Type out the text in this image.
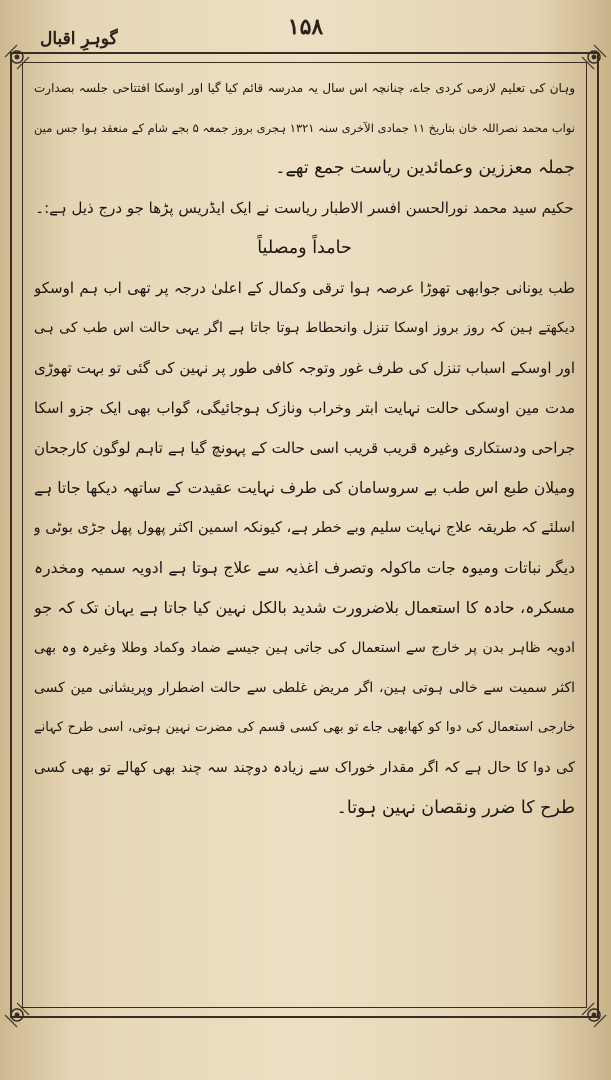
گوہرِ اقبال	۱۵۸
وہان کی تعلیم لازمی کردی جاے، چنانچہ اس سال یہ مدرسہ قائم کیا گیا اور اوسکا افتتاحی جلسہ بصدارت
نواب محمد نصراللہ خان بتاریخ ۱۱ جمادی الآخری سنہ ۱۳۲۱ ہجری بروز جمعہ ۵ بجے شام کے منعقد ہوا جس مین
جملہ معززین وعمائدین ریاست جمع تھے۔
حکیم سید محمد نورالحسن افسر الاطبار ریاست نے ایک ایڈریس پڑھا جو درج ذیل ہے:۔
حامداً ومصلیاً
طب یونانی جوابھی تھوڑا عرصہ ہوا ترقی وکمال کے اعلیٰ درجہ پر تھی اب ہم اوسکو
دیکھتے ہین کہ روز بروز اوسکا تنزل وانحطاط ہوتا جاتا ہے اگر یہی حالت اس طب کی ہی
اور اوسکے اسباب تنزل کی طرف غور وتوجہ کافی طور پر نہین کی گئی تو بہت تھوڑی
مدت مین اوسکی حالت نہایت ابتر وخراب ونازک ہوجائیگی، گواب بھی ایک جزو اسکا
جراحی ودستکاری وغیرہ قریب قریب اسی حالت کے پہونچ گیا ہے تاہم لوگون کارجحان
ومیلان طبع اس طب بے سروسامان کی طرف نہایت عقیدت کے ساتھہ دیکھا جاتا ہے
اسلئے کہ طریقہ علاج نہایت سلیم وبے خطر ہے، کیونکہ اسمین اکثر پھول پھل جڑی بوٹی و
دیگر نباتات ومیوہ جات ماکولہ وتصرف اغذیہ سے علاج ہوتا ہے ادویہ سمیہ ومخدرہ
مسکرہ، حادہ کا استعمال بلاضرورت شدید بالکل نہین کیا جاتا ہے یہان تک کہ جو
ادویہ ظاہر بدن پر خارج سے استعمال کی جاتی ہین جیسے ضماد وکماد وطلا وغیرہ وہ بھی
اکثر سمیت سے خالی ہوتی ہین، اگر مریض غلطی سے حالت اضطرار وپریشانی مین کسی
خارجی استعمال کی دوا کو کھابھی جاے تو بھی کسی قسم کی مضرت نہین ہوتی، اسی طرح کہانے
کی دوا کا حال ہے کہ اگر مقدار خوراک سے زیادہ دوچند سہ چند بھی کھالے تو بھی کسی
طرح کا ضرر ونقصان نہین ہوتا۔
